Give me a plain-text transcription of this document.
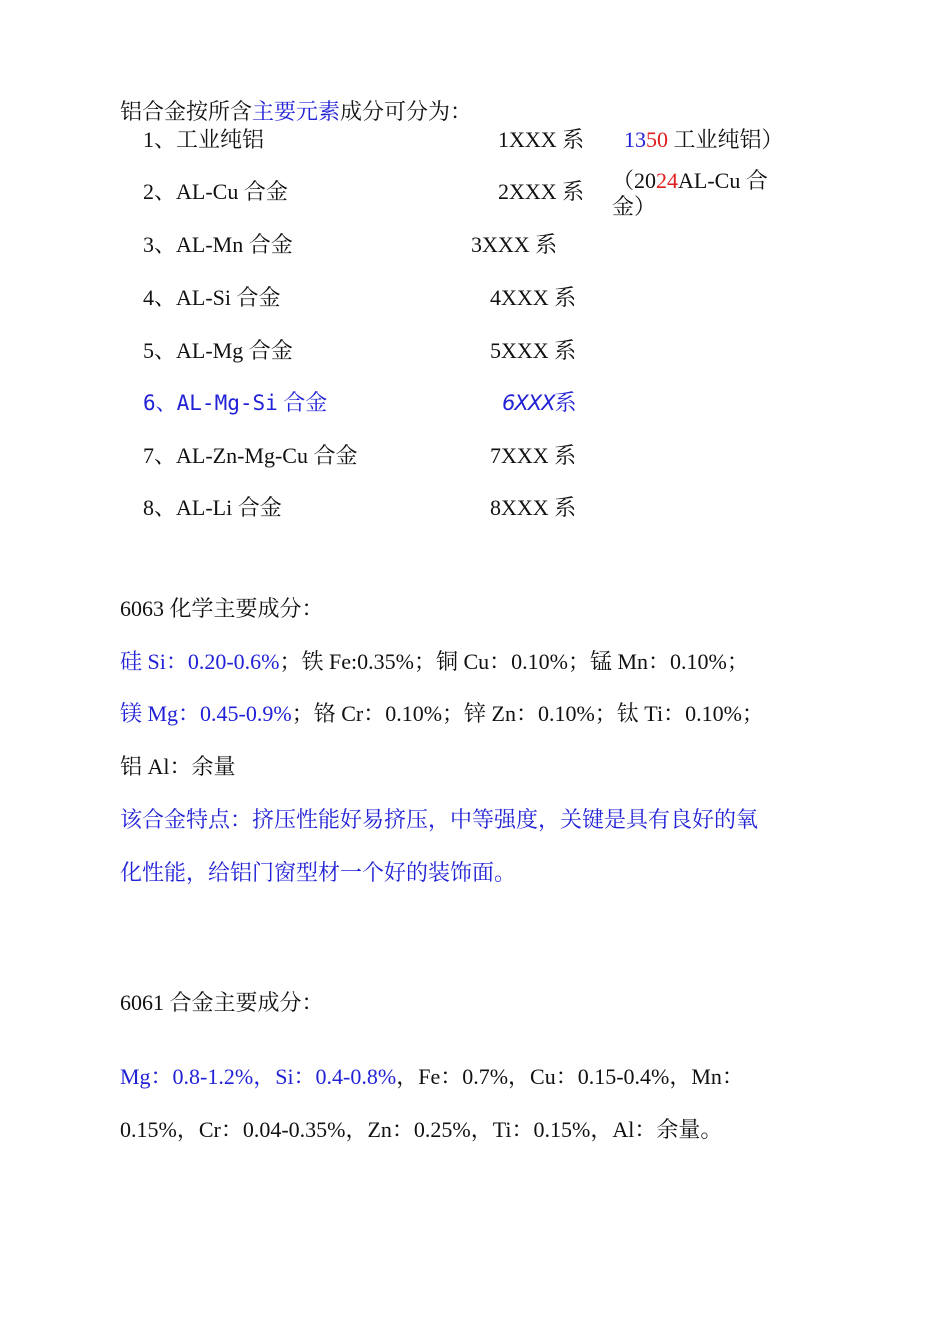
铝合金按所含主要元素成分可分为：
1、工业纯铝	1XXX 系 1350 工业纯铝）
2、AL-Cu 合金	2XXX 系 （2024AL-Cu 合金）
3、AL-Mn 合金	3XXX 系
4、AL-Si 合金	4XXX 系
5、AL-Mg 合金	5XXX 系
6、AL-Mg-Si 合金	6XXX系
7、AL-Zn-Mg-Cu 合金	7XXX 系
8、AL-Li 合金	8XXX 系
6063 化学主要成分：
硅 Si：0.20-0.6%；铁 Fe:0.35%；铜 Cu：0.10%；锰 Mn：0.10%；
镁 Mg：0.45-0.9%；铬 Cr：0.10%；锌 Zn：0.10%；钛 Ti：0.10%；
铝 Al：余量
该合金特点：挤压性能好易挤压，中等强度，关键是具有良好的氧
化性能，给铝门窗型材一个好的装饰面。
6061 合金主要成分：
Mg：0.8-1.2%，Si：0.4-0.8%，Fe：0.7%，Cu：0.15-0.4%，Mn：
0.15%，Cr：0.04-0.35%，Zn：0.25%，Ti：0.15%，Al：余量。
